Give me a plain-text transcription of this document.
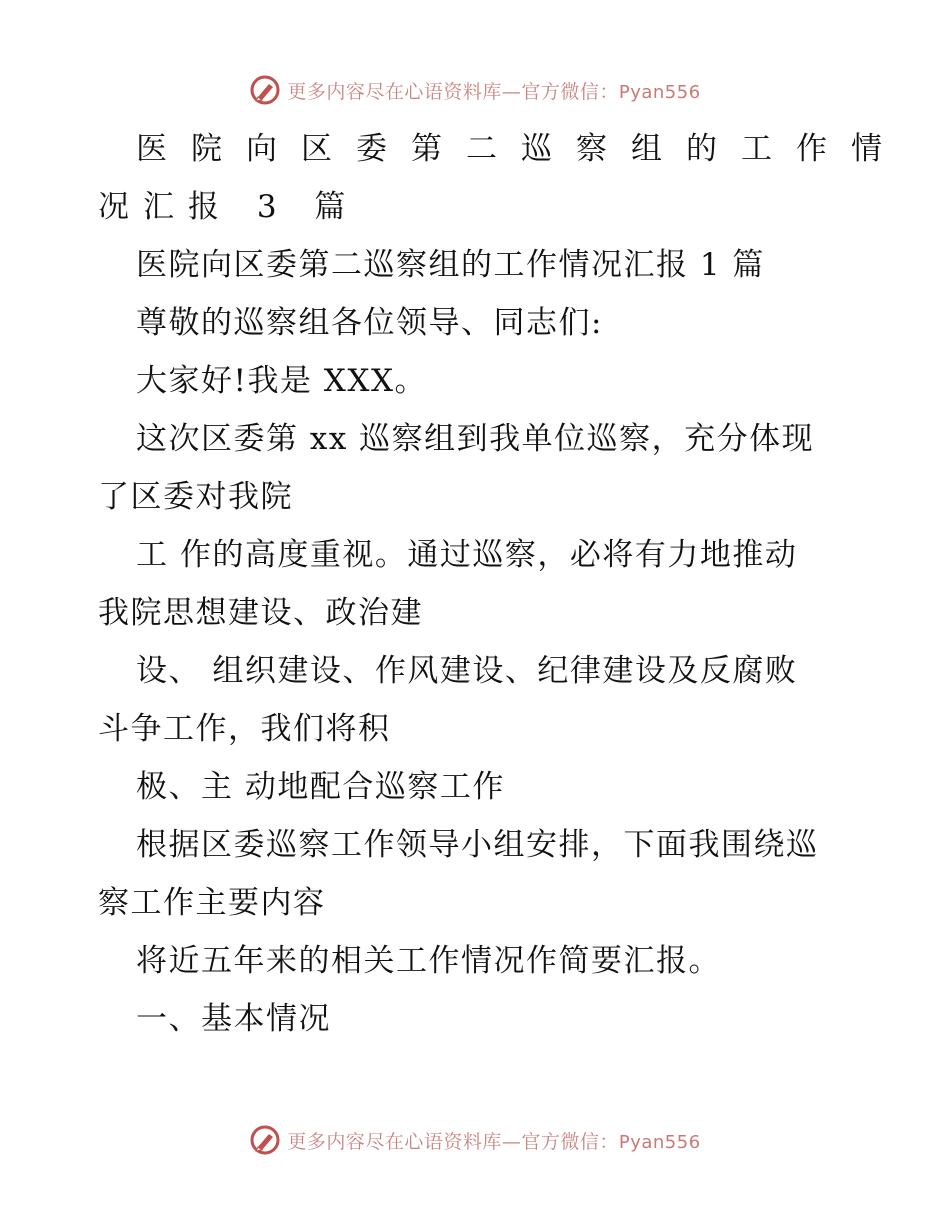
更多内容尽在心语资料库—官方微信：Pyan556
医院向区委第二巡察组的工作情
况汇报 3 篇
医院向区委第二巡察组的工作情况汇报 1 篇
尊敬的巡察组各位领导、同志们:
大家好!我是 XXX。
这次区委第 xx 巡察组到我单位巡察，充分体现
了区委对我院
工 作的高度重视。通过巡察，必将有力地推动
我院思想建设、政治建
设、 组织建设、作风建设、纪律建设及反腐败
斗争工作，我们将积
极、主 动地配合巡察工作
根据区委巡察工作领导小组安排，下面我围绕巡
察工作主要内容
将近五年来的相关工作情况作简要汇报。
一、基本情况
更多内容尽在心语资料库—官方微信：Pyan556
